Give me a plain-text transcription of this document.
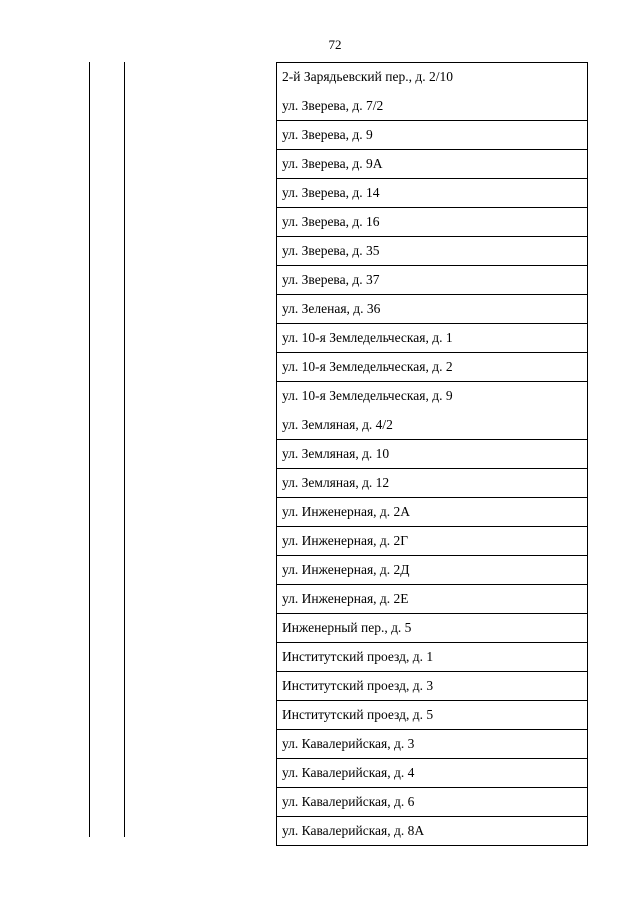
72
2-й Зарядьевский пер., д. 2/10
ул. Зверева, д. 7/2
ул. Зверева, д. 9
ул. Зверева, д. 9А
ул. Зверева, д. 14
ул. Зверева, д. 16
ул. Зверева, д. 35
ул. Зверева, д. 37
ул. Зеленая, д. 36
ул. 10-я Земледельческая, д. 1
ул. 10-я Земледельческая, д. 2
ул. 10-я Земледельческая, д. 9
ул. Земляная, д. 4/2
ул. Земляная, д. 10
ул. Земляная, д. 12
ул. Инженерная, д. 2А
ул. Инженерная, д. 2Г
ул. Инженерная, д. 2Д
ул. Инженерная, д. 2Е
Инженерный пер., д. 5
Институтский проезд, д. 1
Институтский проезд, д. 3
Институтский проезд, д. 5
ул. Кавалерийская, д. 3
ул. Кавалерийская, д. 4
ул. Кавалерийская, д. 6
ул. Кавалерийская, д. 8А
